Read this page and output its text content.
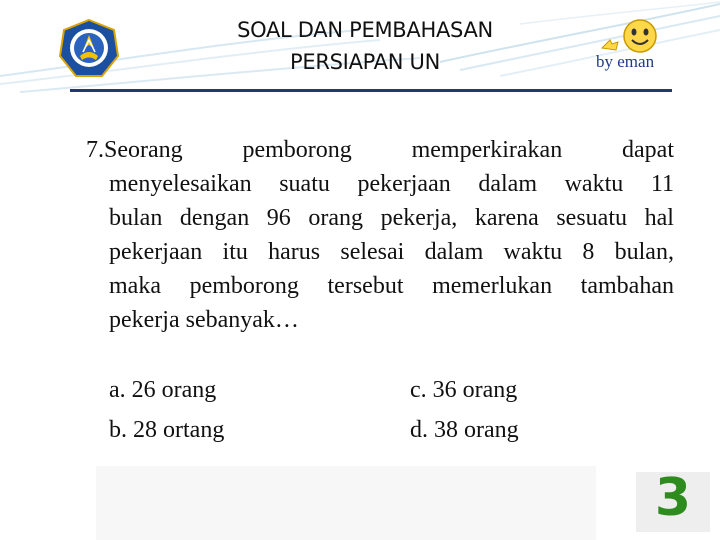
SOAL DAN PEMBAHASAN
PERSIAPAN UN	by eman
7.Seorang pemborong memperkirakan dapat
menyelesaikan suatu pekerjaan dalam waktu 11
bulan dengan 96 orang pekerja, karena sesuatu hal
pekerjaan itu harus selesai dalam waktu 8 bulan,
maka pemborong tersebut memerlukan tambahan
pekerja sebanyak…
a. 26 orang
b. 28 ortang
c. 36 orang
d. 38 orang
3
